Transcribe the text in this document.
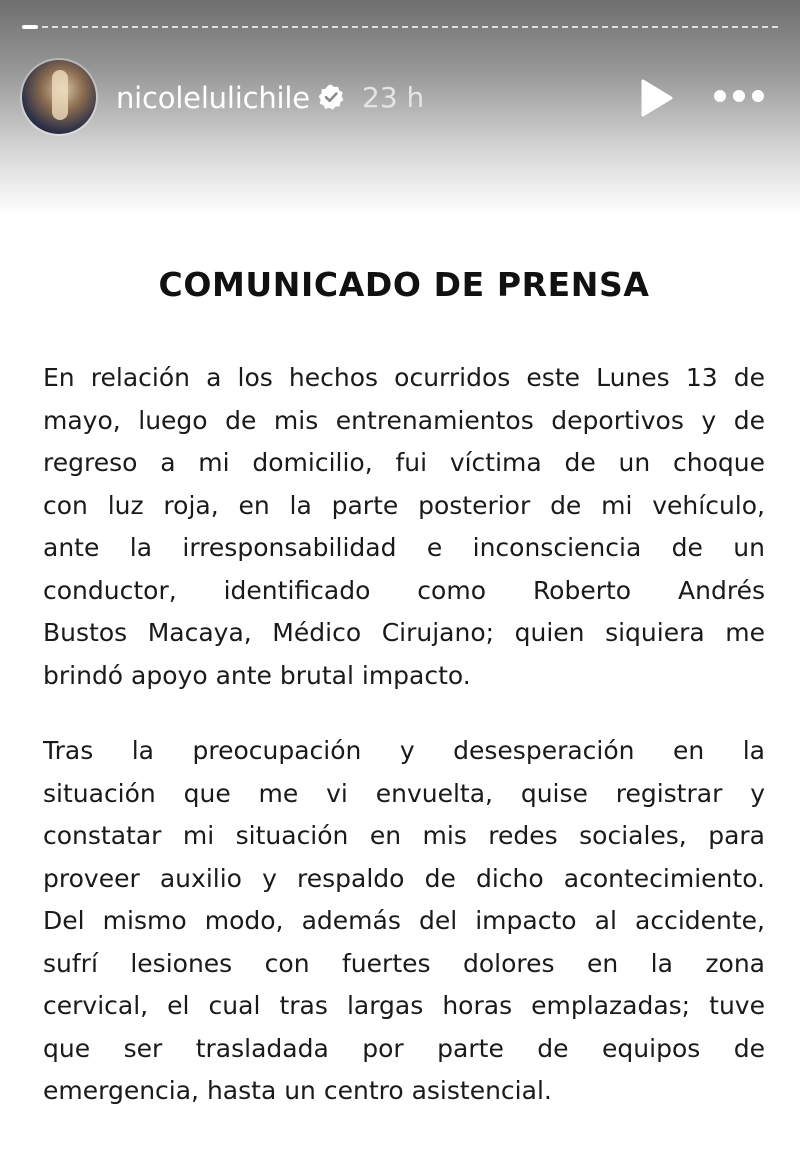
nicolelulichile 23 h
COMUNICADO DE PRENSA
En relación a los hechos ocurridos este Lunes 13 de
mayo, luego de mis entrenamientos deportivos y de
regreso a mi domicilio, fui víctima de un choque
con luz roja, en la parte posterior de mi vehículo,
ante la irresponsabilidad e inconsciencia de un
conductor, identificado como Roberto Andrés
Bustos Macaya, Médico Cirujano; quien siquiera me
brindó apoyo ante brutal impacto.
Tras la preocupación y desesperación en la
situación que me vi envuelta, quise registrar y
constatar mi situación en mis redes sociales, para
proveer auxilio y respaldo de dicho acontecimiento.
Del mismo modo, además del impacto al accidente,
sufrí lesiones con fuertes dolores en la zona
cervical, el cual tras largas horas emplazadas; tuve
que ser trasladada por parte de equipos de
emergencia, hasta un centro asistencial.
